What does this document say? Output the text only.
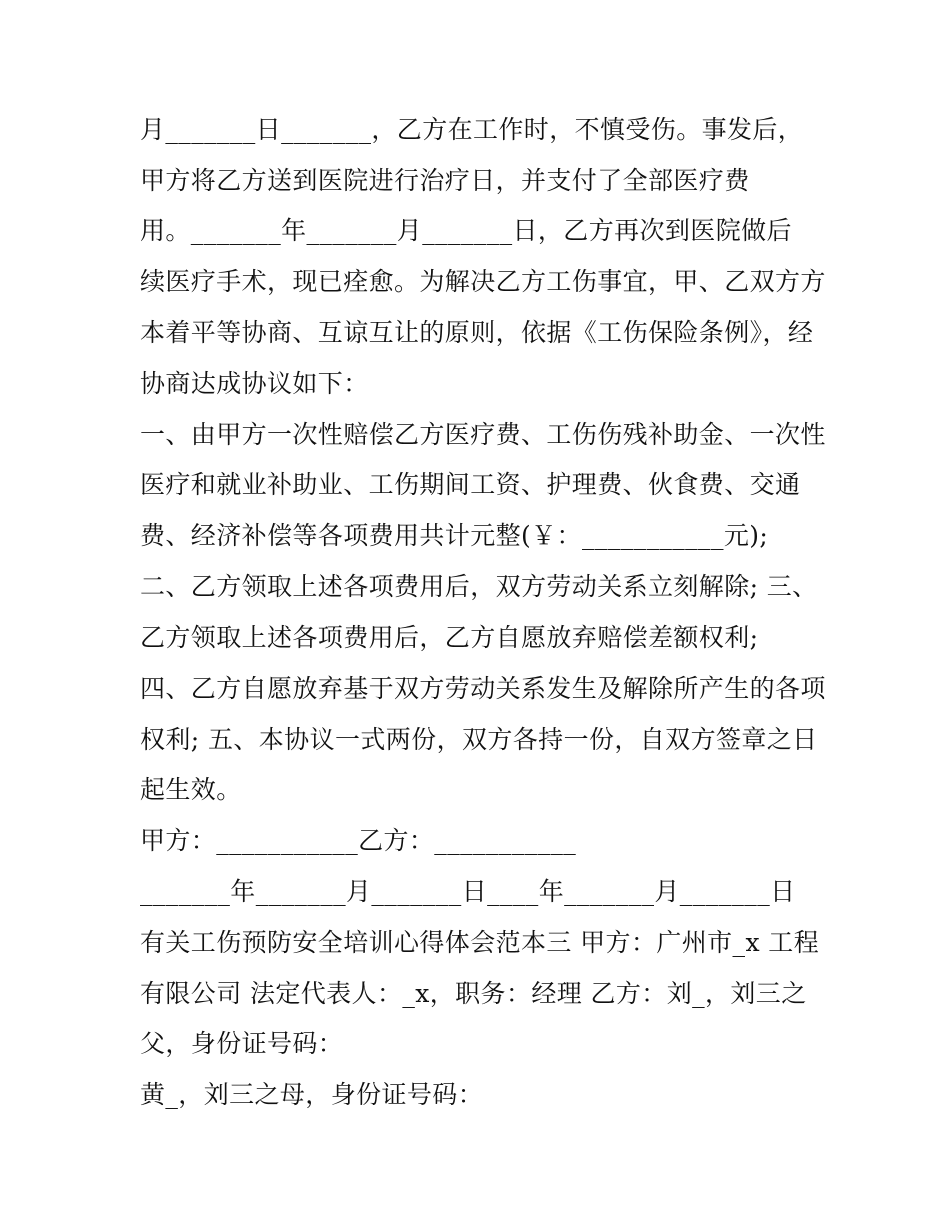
月_______日_______，乙方在工作时，不慎受伤。事发后，
甲方将乙方送到医院进行治疗日，并支付了全部医疗费
用。_______年_______月_______日，乙方再次到医院做后
续医疗手术，现已痊愈。为解决乙方工伤事宜，甲、乙双方方
本着平等协商、互谅互让的原则，依据《工伤保险条例》，经
协商达成协议如下：
一、由甲方一次性赔偿乙方医疗费、工伤伤残补助金、一次性
医疗和就业补助业、工伤期间工资、护理费、伙食费、交通
费、经济补偿等各项费用共计元整(￥：___________元);
二、乙方领取上述各项费用后，双方劳动关系立刻解除; 三、
乙方领取上述各项费用后，乙方自愿放弃赔偿差额权利;
四、乙方自愿放弃基于双方劳动关系发生及解除所产生的各项
权利; 五、本协议一式两份，双方各持一份，自双方签章之日
起生效。
甲方：___________乙方：___________
_______年_______月_______日____年_______月_______日
有关工伤预防安全培训心得体会范本三 甲方：广州市_x 工程
有限公司 法定代表人：_x，职务：经理 乙方：刘_，刘三之
父，身份证号码：
黄_，刘三之母，身份证号码：
